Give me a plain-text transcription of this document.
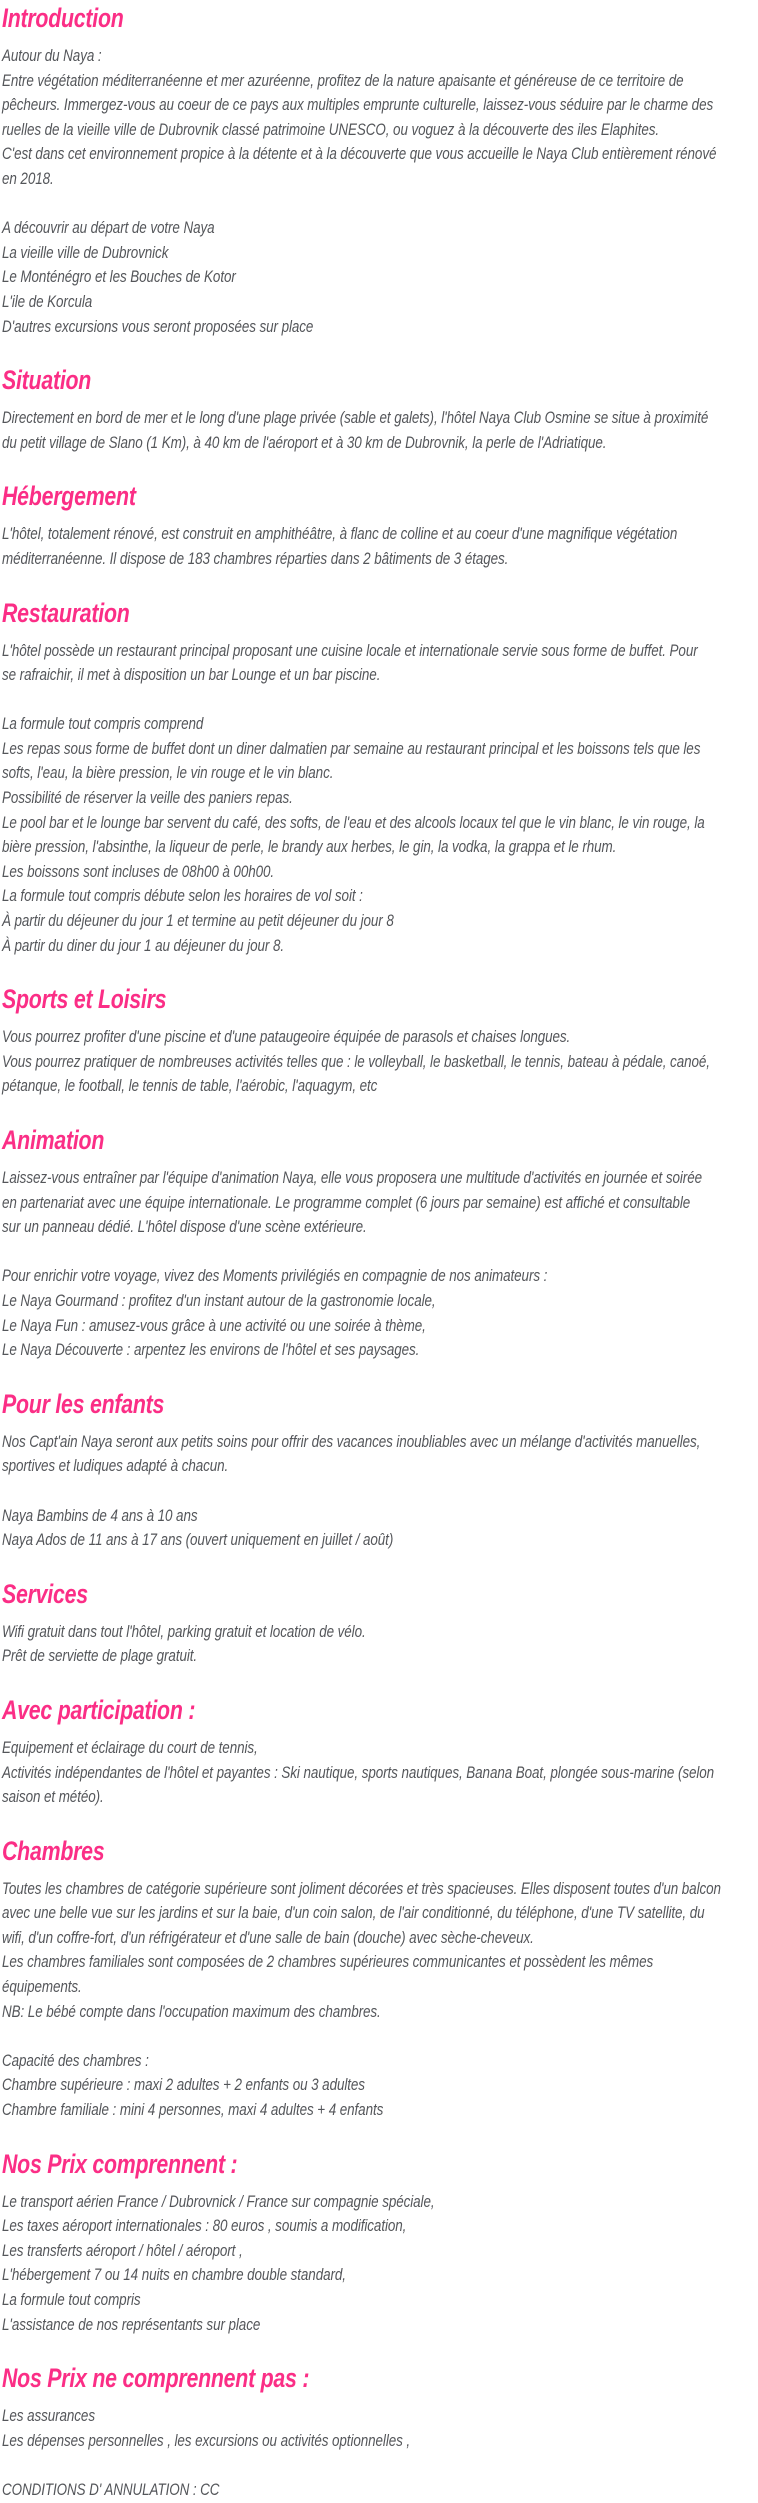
Introduction
Autour du Naya :
Entre végétation méditerranéenne et mer azuréenne, profitez de la nature apaisante et généreuse de ce territoire de
pêcheurs. Immergez-vous au coeur de ce pays aux multiples emprunte culturelle, laissez-vous séduire par le charme des
ruelles de la vieille ville de Dubrovnik classé patrimoine UNESCO, ou voguez à la découverte des iles Elaphites.
C'est dans cet environnement propice à la détente et à la découverte que vous accueille le Naya Club entièrement rénové
en 2018.
A découvrir au départ de votre Naya
La vieille ville de Dubrovnick
Le Monténégro et les Bouches de Kotor
L'ile de Korcula
D'autres excursions vous seront proposées sur place
Situation
Directement en bord de mer et le long d'une plage privée (sable et galets), l'hôtel Naya Club Osmine se situe à proximité
du petit village de Slano (1 Km), à 40 km de l'aéroport et à 30 km de Dubrovnik, la perle de l'Adriatique.
Hébergement
L'hôtel, totalement rénové, est construit en amphithéâtre, à flanc de colline et au coeur d'une magnifique végétation
méditerranéenne. Il dispose de 183 chambres réparties dans 2 bâtiments de 3 étages.
Restauration
L'hôtel possède un restaurant principal proposant une cuisine locale et internationale servie sous forme de buffet. Pour
se rafraichir, il met à disposition un bar Lounge et un bar piscine.
La formule tout compris comprend
Les repas sous forme de buffet dont un diner dalmatien par semaine au restaurant principal et les boissons tels que les
softs, l'eau, la bière pression, le vin rouge et le vin blanc.
Possibilité de réserver la veille des paniers repas.
Le pool bar et le lounge bar servent du café, des softs, de l'eau et des alcools locaux tel que le vin blanc, le vin rouge, la
bière pression, l'absinthe, la liqueur de perle, le brandy aux herbes, le gin, la vodka, la grappa et le rhum.
Les boissons sont incluses de 08h00 à 00h00.
La formule tout compris débute selon les horaires de vol soit :
À partir du déjeuner du jour 1 et termine au petit déjeuner du jour 8
À partir du diner du jour 1 au déjeuner du jour 8.
Sports et Loisirs
Vous pourrez profiter d'une piscine et d'une pataugeoire équipée de parasols et chaises longues.
Vous pourrez pratiquer de nombreuses activités telles que : le volleyball, le basketball, le tennis, bateau à pédale, canoé,
pétanque, le football, le tennis de table, l'aérobic, l'aquagym, etc
Animation
Laissez-vous entraîner par l'équipe d'animation Naya, elle vous proposera une multitude d'activités en journée et soirée
en partenariat avec une équipe internationale. Le programme complet (6 jours par semaine) est affiché et consultable
sur un panneau dédié. L'hôtel dispose d'une scène extérieure.
Pour enrichir votre voyage, vivez des Moments privilégiés en compagnie de nos animateurs :
Le Naya Gourmand : profitez d'un instant autour de la gastronomie locale,
Le Naya Fun : amusez-vous grâce à une activité ou une soirée à thème,
Le Naya Découverte : arpentez les environs de l'hôtel et ses paysages.
Pour les enfants
Nos Capt'ain Naya seront aux petits soins pour offrir des vacances inoubliables avec un mélange d'activités manuelles,
sportives et ludiques adapté à chacun.
Naya Bambins de 4 ans à 10 ans
Naya Ados de 11 ans à 17 ans (ouvert uniquement en juillet / août)
Services
Wifi gratuit dans tout l'hôtel, parking gratuit et location de vélo.
Prêt de serviette de plage gratuit.
Avec participation :
Equipement et éclairage du court de tennis,
Activités indépendantes de l'hôtel et payantes : Ski nautique, sports nautiques, Banana Boat, plongée sous-marine (selon
saison et météo).
Chambres
Toutes les chambres de catégorie supérieure sont joliment décorées et très spacieuses. Elles disposent toutes d'un balcon
avec une belle vue sur les jardins et sur la baie, d'un coin salon, de l'air conditionné, du téléphone, d'une TV satellite, du
wifi, d'un coffre-fort, d'un réfrigérateur et d'une salle de bain (douche) avec sèche-cheveux.
Les chambres familiales sont composées de 2 chambres supérieures communicantes et possèdent les mêmes
équipements.
NB: Le bébé compte dans l'occupation maximum des chambres.
Capacité des chambres :
Chambre supérieure : maxi 2 adultes + 2 enfants ou 3 adultes
Chambre familiale : mini 4 personnes, maxi 4 adultes + 4 enfants
Nos Prix comprennent :
Le transport aérien France / Dubrovnick / France sur compagnie spéciale,
Les taxes aéroport internationales : 80 euros , soumis a modification,
Les transferts aéroport / hôtel / aéroport ,
L'hébergement 7 ou 14 nuits en chambre double standard,
La formule tout compris
L'assistance de nos représentants sur place
Nos Prix ne comprennent pas :
Les assurances
Les dépenses personnelles , les excursions ou activités optionnelles ,
CONDITIONS D' ANNULATION : CC
